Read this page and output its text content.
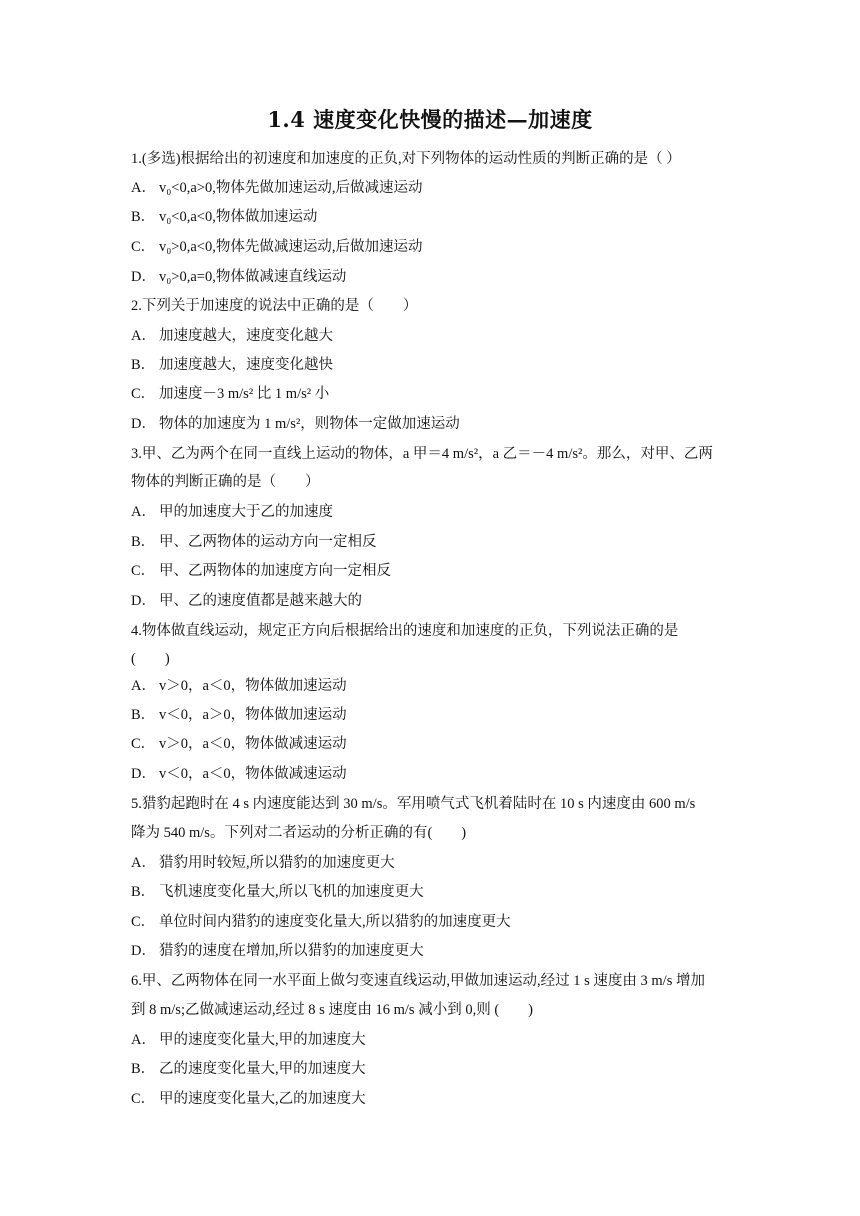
1.4 速度变化快慢的描述—加速度
1.(多选)根据给出的初速度和加速度的正负,对下列物体的运动性质的判断正确的是（ ）
A． v₀<0,a>0,物体先做加速运动,后做减速运动
B． v₀<0,a<0,物体做加速运动
C． v₀>0,a<0,物体先做减速运动,后做加速运动
D． v₀>0,a=0,物体做减速直线运动
2.下列关于加速度的说法中正确的是（　　）
A． 加速度越大，速度变化越大
B． 加速度越大，速度变化越快
C． 加速度－3 m/s² 比 1 m/s² 小
D． 物体的加速度为 1 m/s²，则物体一定做加速运动
3.甲、乙为两个在同一直线上运动的物体，a 甲＝4 m/s²，a 乙＝－4 m/s²。那么，对甲、乙两
物体的判断正确的是（　　）
A． 甲的加速度大于乙的加速度
B． 甲、乙两物体的运动方向一定相反
C． 甲、乙两物体的加速度方向一定相反
D． 甲、乙的速度值都是越来越大的
4.物体做直线运动，规定正方向后根据给出的速度和加速度的正负，下列说法正确的是
(　　)
A． v＞0，a＜0，物体做加速运动
B． v＜0，a＞0，物体做加速运动
C． v＞0，a＜0，物体做减速运动
D． v＜0，a＜0，物体做减速运动
5.猎豹起跑时在 4 s 内速度能达到 30 m/s。军用喷气式飞机着陆时在 10 s 内速度由 600 m/s
降为 540 m/s。下列对二者运动的分析正确的有(　　)
A． 猎豹用时较短,所以猎豹的加速度更大
B． 飞机速度变化量大,所以飞机的加速度更大
C． 单位时间内猎豹的速度变化量大,所以猎豹的加速度更大
D． 猎豹的速度在增加,所以猎豹的加速度更大
6.甲、乙两物体在同一水平面上做匀变速直线运动,甲做加速运动,经过 1 s 速度由 3 m/s 增加
到 8 m/s;乙做减速运动,经过 8 s 速度由 16 m/s 减小到 0,则 (　　)
A． 甲的速度变化量大,甲的加速度大
B． 乙的速度变化量大,甲的加速度大
C． 甲的速度变化量大,乙的加速度大
